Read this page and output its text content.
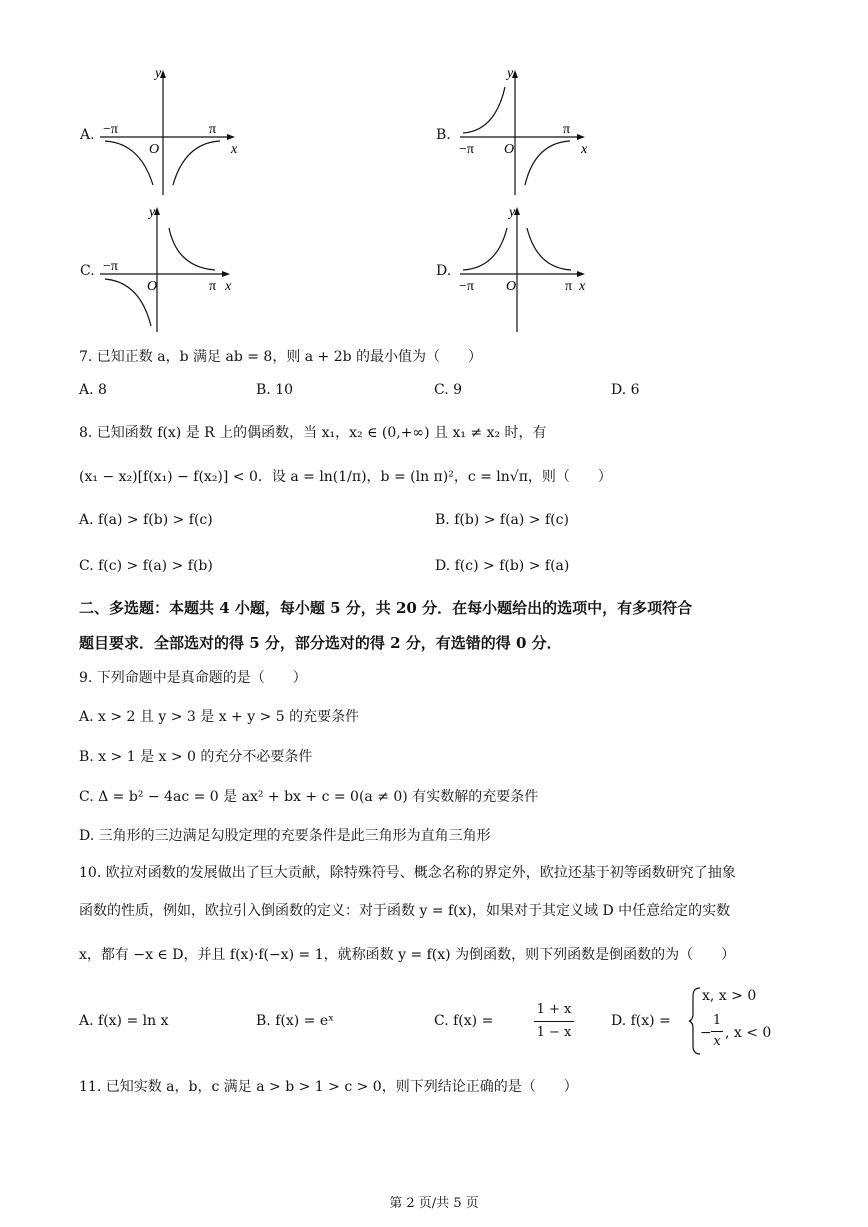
A.
y
x
O
−π	π	B.
y
x
O
−π
π
C.
y
x
O
−π
π
D.
y
x
O
−π	π
7. 已知正数 a，b 满足 ab = 8，则 a + 2b 的最小值为（　　）
A. 8	B. 10	C. 9	D. 6
8. 已知函数 f(x) 是 R 上的偶函数，当 x₁，x₂ ∈ (0,+∞) 且 x₁ ≠ x₂ 时，有
(x₁ − x₂)[f(x₁) − f(x₂)] < 0．设 a = ln(1/π)，b = (ln π)²，c = ln√π，则（　　）
A. f(a) > f(b) > f(c)	B. f(b) > f(a) > f(c)
C. f(c) > f(a) > f(b)	D. f(c) > f(b) > f(a)
二、多选题：本题共 4 小题，每小题 5 分，共 20 分．在每小题给出的选项中，有多项符合
题目要求．全部选对的得 5 分，部分选对的得 2 分，有选错的得 0 分．
9. 下列命题中是真命题的是（　　）
A. x > 2 且 y > 3 是 x + y > 5 的充要条件
B. x > 1 是 x > 0 的充分不必要条件
C. Δ = b² − 4ac = 0 是 ax² + bx + c = 0(a ≠ 0) 有实数解的充要条件
D. 三角形的三边满足勾股定理的充要条件是此三角形为直角三角形
10. 欧拉对函数的发展做出了巨大贡献，除特殊符号、概念名称的界定外，欧拉还基于初等函数研究了抽象
函数的性质，例如，欧拉引入倒函数的定义：对于函数 y = f(x)，如果对于其定义域 D 中任意给定的实数
x，都有 −x ∈ D，并且 f(x)·f(−x) = 1，就称函数 y = f(x) 为倒函数，则下列函数是倒函数的为（　　）
A. f(x) = ln x	B. f(x) = eˣ	C. f(x) =
1 + x
1 − x
D. f(x) =
x, x > 0
−
1
x
, x < 0
11. 已知实数 a，b，c 满足 a > b > 1 > c > 0，则下列结论正确的是（　　）
第 2 页/共 5 页
